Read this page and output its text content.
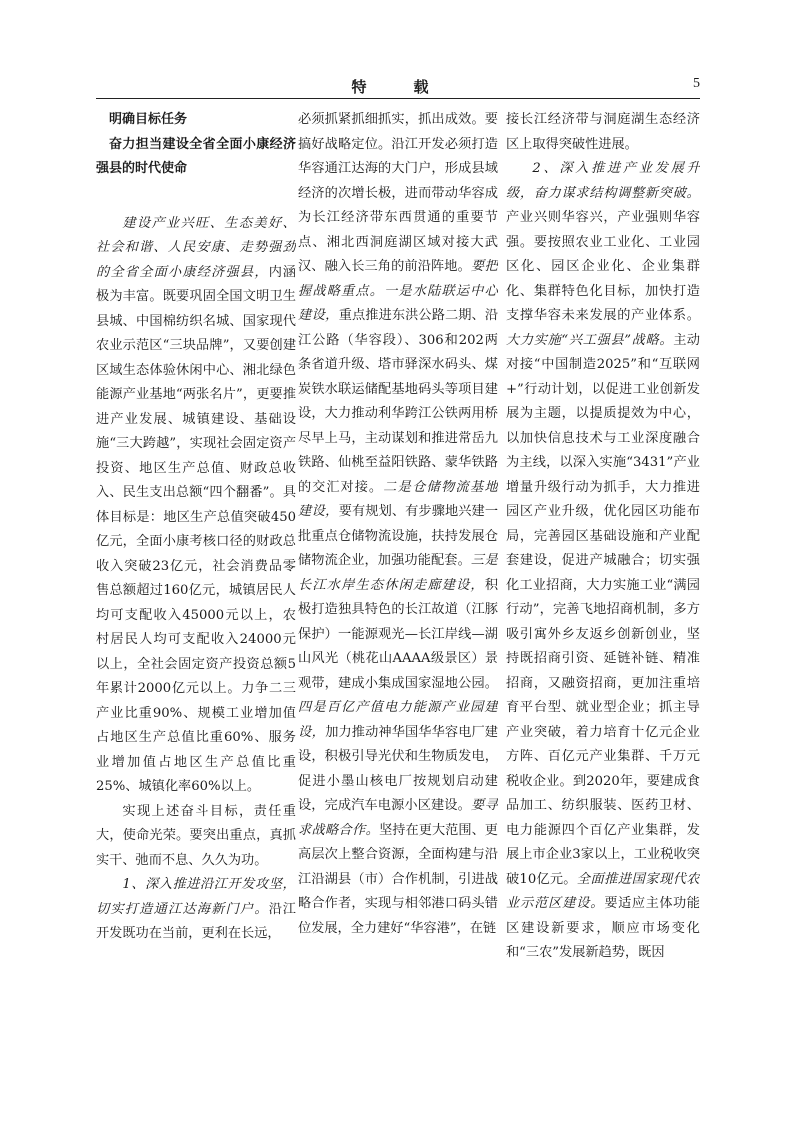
特　载	5
明确目标任务
奋力担当建设全省全面小康经济强县的时代使命

建设产业兴旺、生态美好、社会和谐、人民安康、走势强劲的全省全面小康经济强县，内涵极为丰富。既要巩固全国文明卫生县城、中国棉纺织名城、国家现代农业示范区“三块品牌”，又要创建区域生态体验休闲中心、湘北绿色能源产业基地“两张名片”，更要推进产业发展、城镇建设、基础设施“三大跨越”，实现社会固定资产投资、地区生产总值、财政总收入、民生支出总额“四个翻番”。具体目标是：地区生产总值突破450亿元，全面小康考核口径的财政总收入突破23亿元，社会消费品零售总额超过160亿元，城镇居民人均可支配收入45000元以上，农村居民人均可支配收入24000元以上，全社会固定资产投资总额5年累计2000亿元以上。力争二三产业比重90%、规模工业增加值占地区生产总值比重60%、服务业增加值占地区生产总值比重25%、城镇化率60%以上。

实现上述奋斗目标，责任重大，使命光荣。要突出重点，真抓实干、弛而不息、久久为功。

1、深入推进沿江开发攻坚，切实打造通江达海新门户。沿江开发既功在当前，更利在长远，

必须抓紧抓细抓实，抓出成效。要搞好战略定位。沿江开发必须打造华容通江达海的大门户，形成县域经济的次增长极，进而带动华容成为长江经济带东西贯通的重要节点、湘北西洞庭湖区域对接大武汉、融入长三角的前沿阵地。要把握战略重点。一是水陆联运中心建设，重点推进东洪公路二期、沿江公路（华容段）、306和202两条省道升级、塔市驿深水码头、煤炭铁水联运储配基地码头等项目建设，大力推动利华跨江公铁两用桥尽早上马，主动谋划和推进常岳九铁路、仙桃至益阳铁路、蒙华铁路的交汇对接。二是仓储物流基地建设，要有规划、有步骤地兴建一批重点仓储物流设施，扶持发展仓储物流企业，加强功能配套。三是长江水岸生态休闲走廊建设，积极打造独具特色的长江故道（江豚保护）一能源观光—长江岸线—湖山风光（桃花山AAAA级景区）景观带，建成小集成国家湿地公园。四是百亿产值电力能源产业园建设，加力推动神华国华华容电厂建设，积极引导光伏和生物质发电，促进小墨山核电厂按规划启动建设，完成汽车电源小区建设。要寻求战略合作。坚持在更大范围、更高层次上整合资源，全面构建与沿江沿湖县（市）合作机制，引进战略合作者，实现与相邻港口码头错位发展，全力建好“华容港”，在链

接长江经济带与洞庭湖生态经济区上取得突破性进展。

2、深入推进产业发展升级，奋力谋求结构调整新突破。产业兴则华容兴，产业强则华容强。要按照农业工业化、工业园区化、园区企业化、企业集群化、集群特色化目标，加快打造支撑华容未来发展的产业体系。大力实施“兴工强县”战略。主动对接“中国制造2025”和“互联网+”行动计划，以促进工业创新发展为主题，以提质提效为中心，以加快信息技术与工业深度融合为主线，以深入实施“3431”产业增量升级行动为抓手，大力推进园区产业升级，优化园区功能布局，完善园区基础设施和产业配套建设，促进产城融合；切实强化工业招商，大力实施工业“满园行动”，完善飞地招商机制，多方吸引寓外乡友返乡创新创业，坚持既招商引资、延链补链、精准招商，又融资招商，更加注重培育平台型、就业型企业；抓主导产业突破，着力培育十亿元企业方阵、百亿元产业集群、千万元税收企业。到2020年，要建成食品加工、纺织服装、医药卫材、电力能源四个百亿产业集群，发展上市企业3家以上，工业税收突破10亿元。全面推进国家现代农业示范区建设。要适应主体功能区建设新要求，顺应市场变化和“三农”发展新趋势，既因
